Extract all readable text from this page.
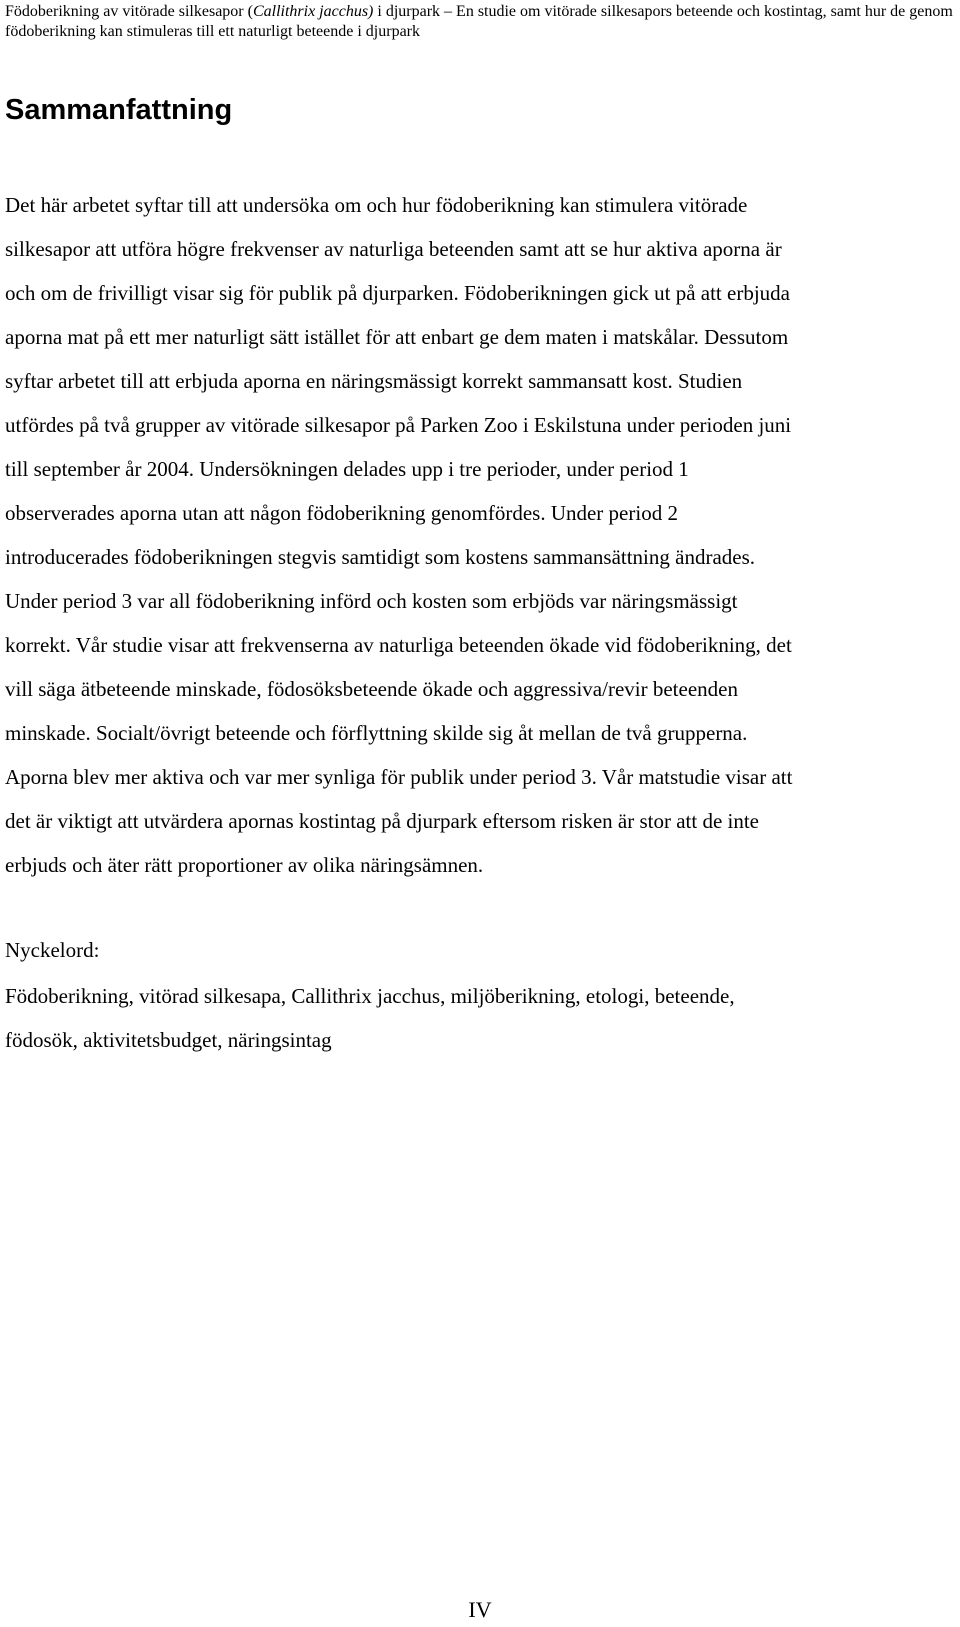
Födoberikning av vitörade silkesapor (Callithrix jacchus) i djurpark – En studie om vitörade silkesapors beteende och kostintag, samt hur de genom födoberikning kan stimuleras till ett naturligt beteende i djurpark

Sammanfattning

Det här arbetet syftar till att undersöka om och hur födoberikning kan stimulera vitörade
silkesapor att utföra högre frekvenser av naturliga beteenden samt att se hur aktiva aporna är
och om de frivilligt visar sig för publik på djurparken. Födoberikningen gick ut på att erbjuda
aporna mat på ett mer naturligt sätt istället för att enbart ge dem maten i matskålar. Dessutom
syftar arbetet till att erbjuda aporna en näringsmässigt korrekt sammansatt kost. Studien
utfördes på två grupper av vitörade silkesapor på Parken Zoo i Eskilstuna under perioden juni
till september år 2004. Undersökningen delades upp i tre perioder, under period 1
observerades aporna utan att någon födoberikning genomfördes. Under period 2
introducerades födoberikningen stegvis samtidigt som kostens sammansättning ändrades.
Under period 3 var all födoberikning införd och kosten som erbjöds var näringsmässigt
korrekt. Vår studie visar att frekvenserna av naturliga beteenden ökade vid födoberikning, det
vill säga ätbeteende minskade, födosöksbeteende ökade och aggressiva/revir beteenden
minskade. Socialt/övrigt beteende och förflyttning skilde sig åt mellan de två grupperna.
Aporna blev mer aktiva och var mer synliga för publik under period 3. Vår matstudie visar att
det är viktigt att utvärdera apornas kostintag på djurpark eftersom risken är stor att de inte
erbjuds och äter rätt proportioner av olika näringsämnen.

Nyckelord:

Födoberikning, vitörad silkesapa, Callithrix jacchus, miljöberikning, etologi, beteende,
födosök, aktivitetsbudget, näringsintag

IV
